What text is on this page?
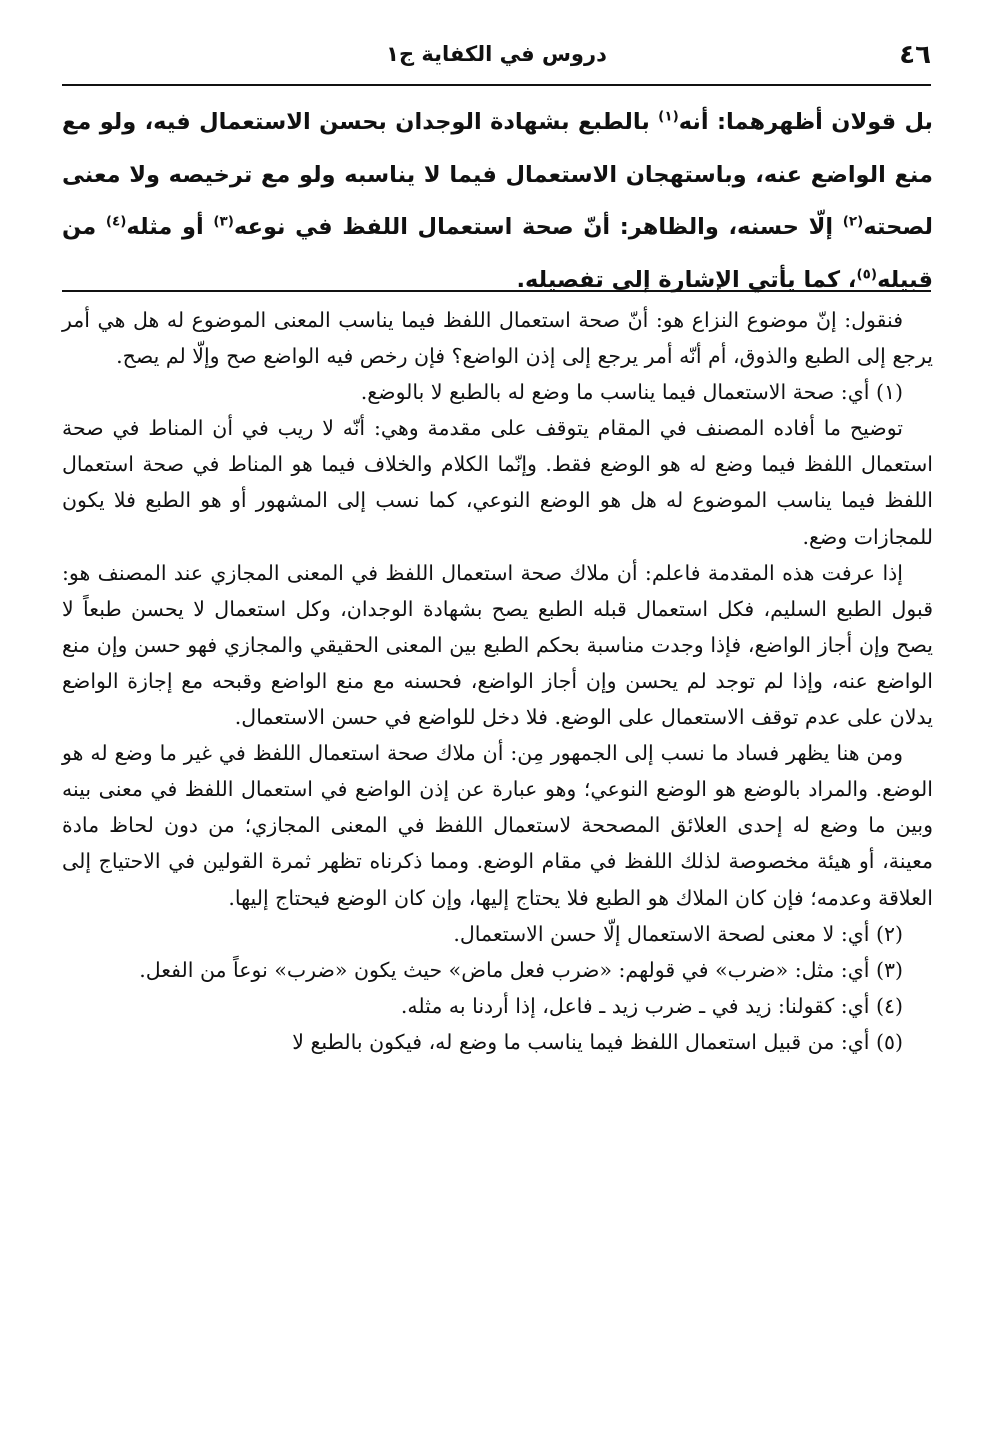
٤٦
دروس في الكفاية ج١

بل قولان أظهرهما: أنه$^{(١)}$ بالطبع بشهادة الوجدان بحسن الاستعمال فيه، ولو مع منع الواضع عنه، وباستهجان الاستعمال فيما لا يناسبه ولو مع ترخيصه ولا معنى لصحته$^{(٢)}$ إلّا حسنه، والظاهر: أنّ صحة استعمال اللفظ في نوعه$^{(٣)}$ أو مثله$^{(٤)}$ من قبيله$^{(٥)}$، كما يأتي الإشارة إلى تفصيله.

فنقول: إنّ موضوع النزاع هو: أنّ صحة استعمال اللفظ فيما يناسب المعنى الموضوع له هل هي أمر يرجع إلى الطبع والذوق، أم أنّه أمر يرجع إلى إذن الواضع؟ فإن رخص فيه الواضع صح وإلّا لم يصح.

(١) أي: صحة الاستعمال فيما يناسب ما وضع له بالطبع لا بالوضع.

توضيح ما أفاده المصنف في المقام يتوقف على مقدمة وهي: أنّه لا ريب في أن المناط في صحة استعمال اللفظ فيما وضع له هو الوضع فقط. وإنّما الكلام والخلاف فيما هو المناط في صحة استعمال اللفظ فيما يناسب الموضوع له هل هو الوضع النوعي، كما نسب إلى المشهور أو هو الطبع فلا يكون للمجازات وضع.

إذا عرفت هذه المقدمة فاعلم: أن ملاك صحة استعمال اللفظ في المعنى المجازي عند المصنف هو: قبول الطبع السليم، فكل استعمال قبله الطبع يصح بشهادة الوجدان، وكل استعمال لا يحسن طبعاً لا يصح وإن أجاز الواضع، فإذا وجدت مناسبة بحكم الطبع بين المعنى الحقيقي والمجازي فهو حسن وإن منع الواضع عنه، وإذا لم توجد لم يحسن وإن أجاز الواضع، فحسنه مع منع الواضع وقبحه مع إجازة الواضع يدلان على عدم توقف الاستعمال على الوضع. فلا دخل للواضع في حسن الاستعمال.

ومن هنا يظهر فساد ما نسب إلى الجمهور مِن: أن ملاك صحة استعمال اللفظ في غير ما وضع له هو الوضع. والمراد بالوضع هو الوضع النوعي؛ وهو عبارة عن إذن الواضع في استعمال اللفظ في معنى بينه وبين ما وضع له إحدى العلائق المصححة لاستعمال اللفظ في المعنى المجازي؛ من دون لحاظ مادة معينة، أو هيئة مخصوصة لذلك اللفظ في مقام الوضع. ومما ذكرناه تظهر ثمرة القولين في الاحتياج إلى العلاقة وعدمه؛ فإن كان الملاك هو الطبع فلا يحتاج إليها، وإن كان الوضع فيحتاج إليها.

(٢) أي: لا معنى لصحة الاستعمال إلّا حسن الاستعمال.

(٣) أي: مثل: «ضرب» في قولهم: «ضرب فعل ماض» حيث يكون «ضرب» نوعاً من الفعل.

(٤) أي: كقولنا: زيد في ـ ضرب زيد ـ فاعل، إذا أردنا به مثله.

(٥) أي: من قبيل استعمال اللفظ فيما يناسب ما وضع له، فيكون بالطبع لا
